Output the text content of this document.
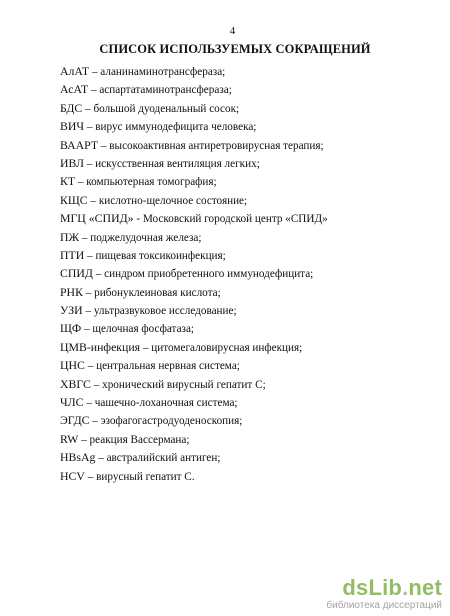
4
СПИСОК ИСПОЛЬЗУЕМЫХ СОКРАЩЕНИЙ
АлАТ – аланинаминотрансфераза;
АсАТ – аспартатаминотрансфераза;
БДС – большой дуоденальный сосок;
ВИЧ – вирус иммунодефицита человека;
ВААРТ – высокоактивная антиретровирусная терапия;
ИВЛ – искусственная вентиляция легких;
КТ – компьютерная томография;
КЩС – кислотно-щелочное состояние;
МГЦ «СПИД» - Московский городской центр «СПИД»
ПЖ – поджелудочная железа;
ПТИ – пищевая токсикоинфекция;
СПИД – синдром приобретенного иммунодефицита;
РНК – рибонуклеиновая кислота;
УЗИ – ультразвуковое исследование;
ЩФ – щелочная фосфатаза;
ЦМВ-инфекция – цитомегаловирусная инфекция;
ЦНС – центральная нервная система;
ХВГС – хронический вирусный гепатит С;
ЧЛС – чашечно-лоханочная система;
ЭГДС – эзофагогастродуоденоскопия;
RW – реакция Вассермана;
HBsAg – австралийский антиген;
HCV – вирусный гепатит С.
dsLib.net
библиотека диссертаций
